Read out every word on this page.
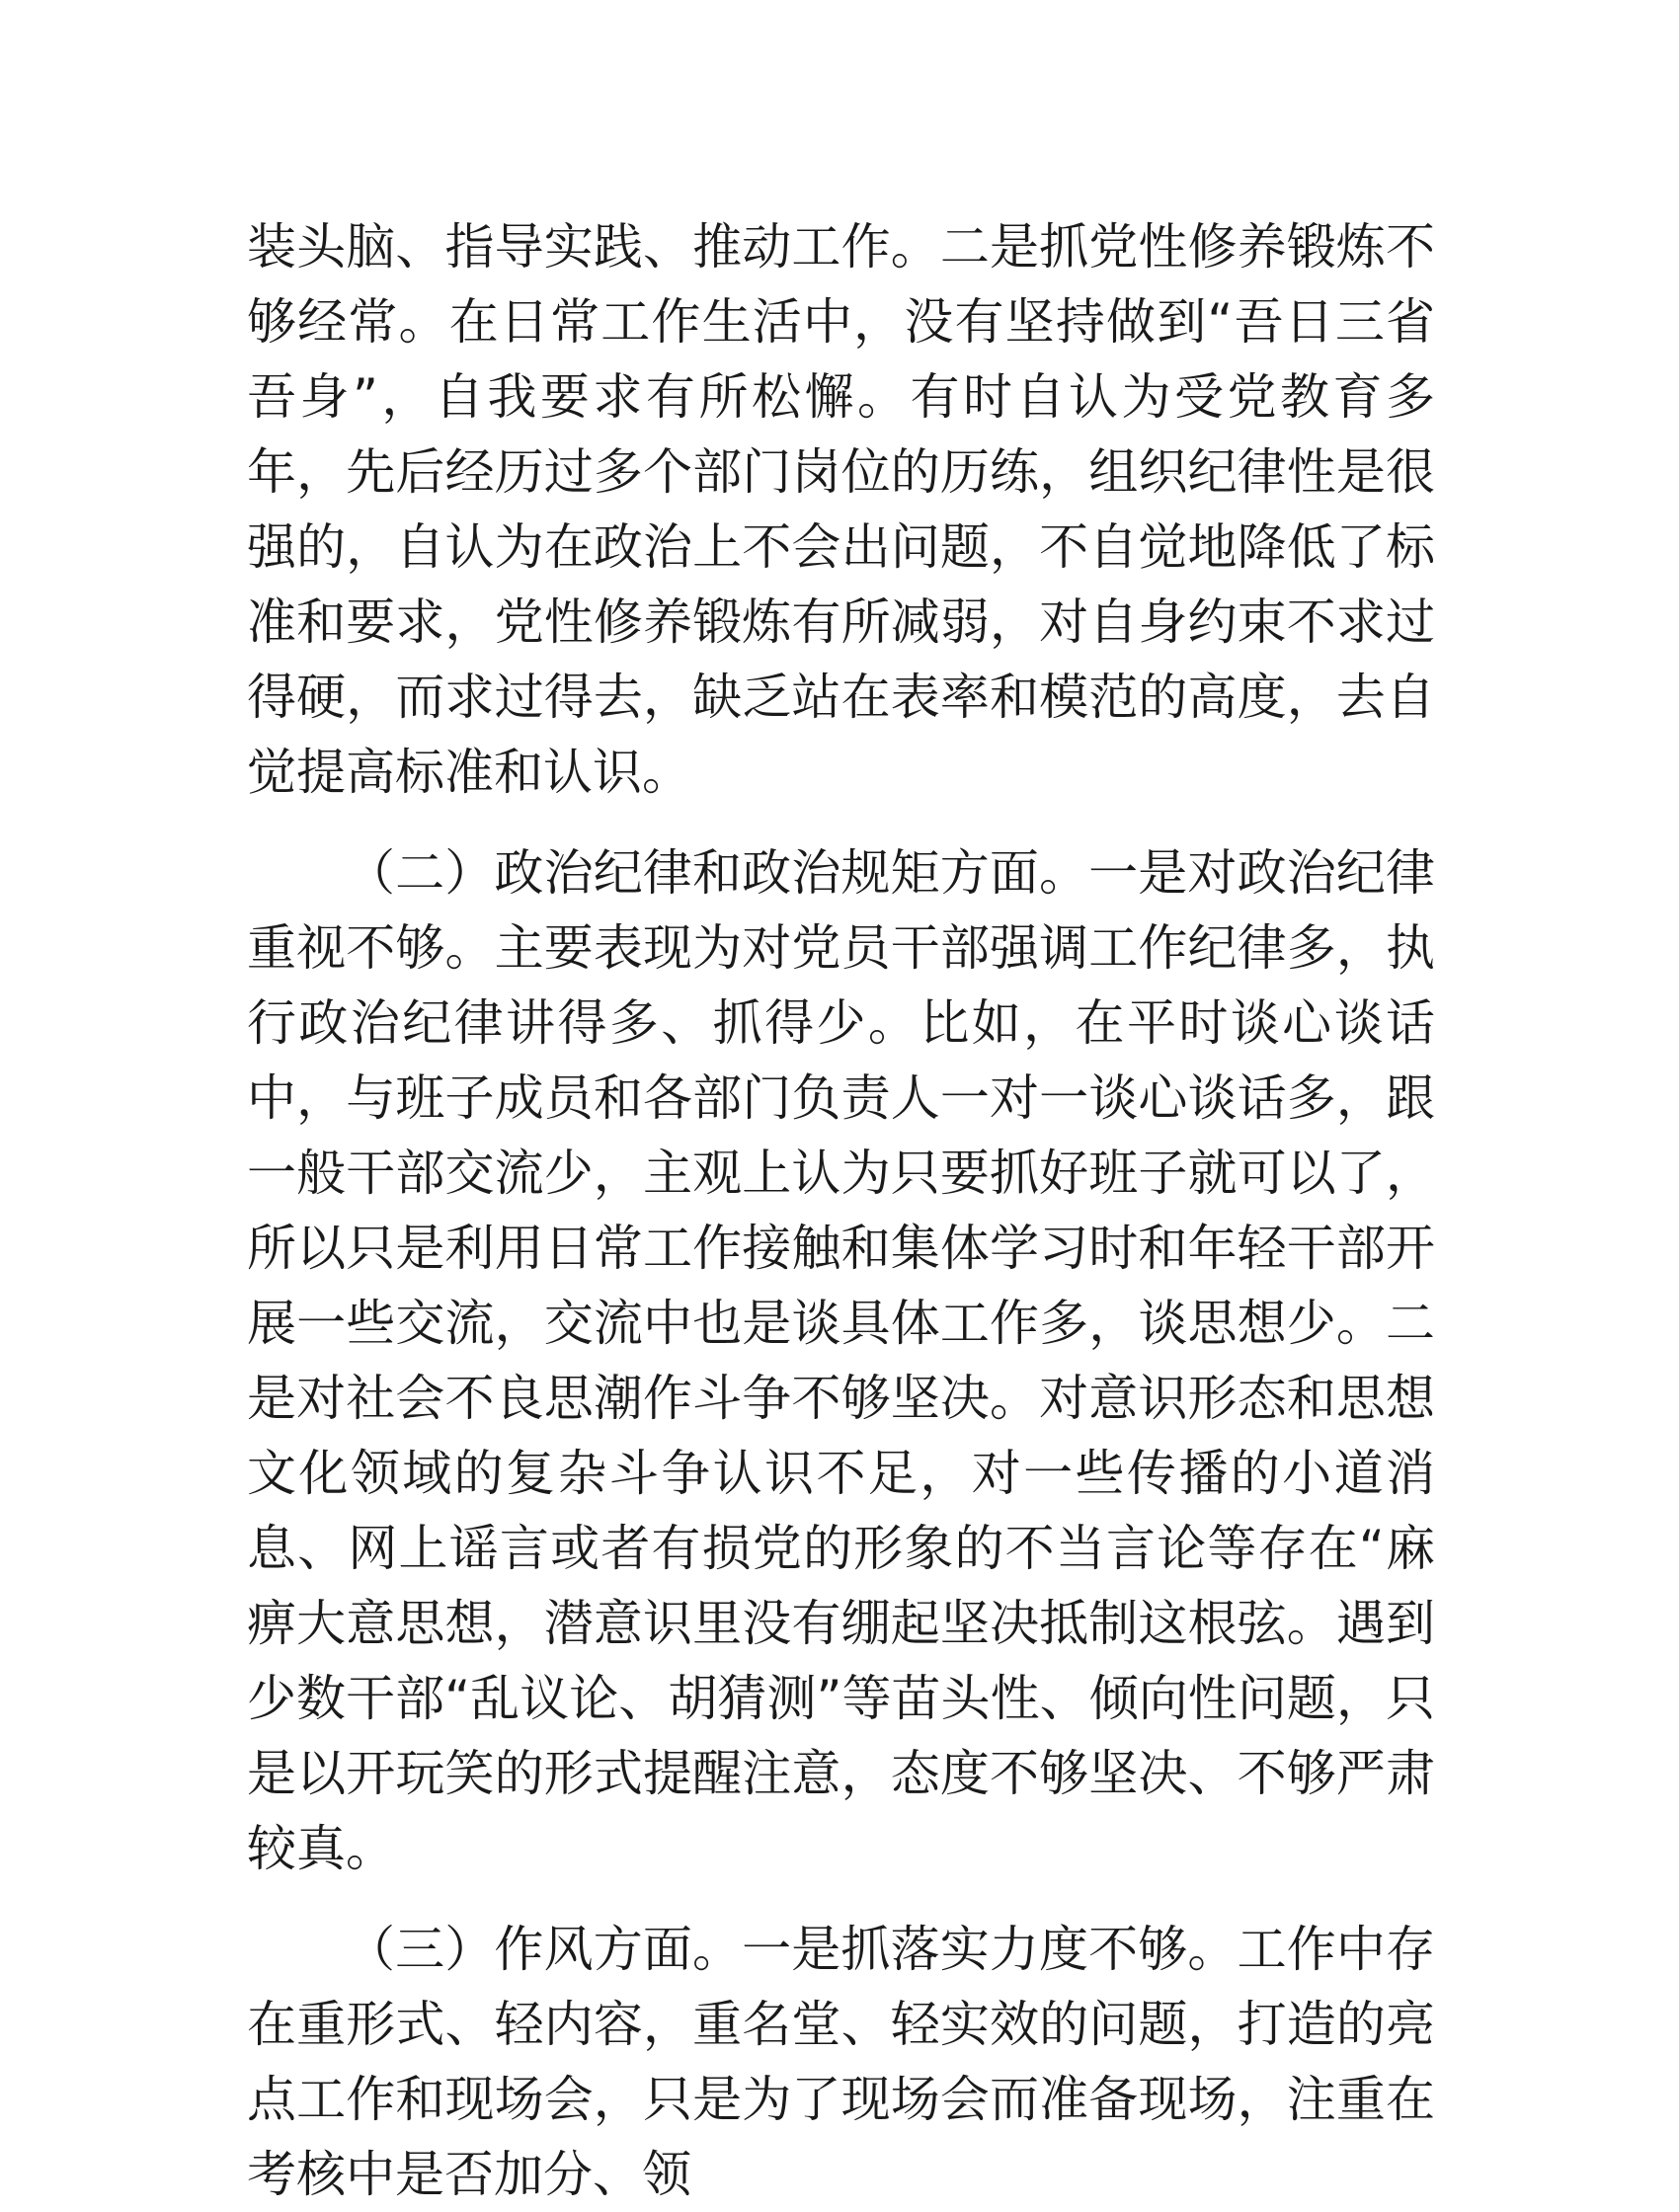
装头脑、指导实践、推动工作。二是抓党性修养锻炼不够经常。在日常工作生活中，没有坚持做到“吾日三省吾身”，自我要求有所松懈。有时自认为受党教育多年，先后经历过多个部门岗位的历练，组织纪律性是很强的，自认为在政治上不会出问题，不自觉地降低了标准和要求，党性修养锻炼有所减弱，对自身约束不求过得硬，而求过得去，缺乏站在表率和模范的高度，去自觉提高标准和认识。

（二）政治纪律和政治规矩方面。一是对政治纪律重视不够。主要表现为对党员干部强调工作纪律多，执行政治纪律讲得多、抓得少。比如，在平时谈心谈话中，与班子成员和各部门负责人一对一谈心谈话多，跟一般干部交流少，主观上认为只要抓好班子就可以了，所以只是利用日常工作接触和集体学习时和年轻干部开展一些交流，交流中也是谈具体工作多，谈思想少。二是对社会不良思潮作斗争不够坚决。对意识形态和思想文化领域的复杂斗争认识不足，对一些传播的小道消息、网上谣言或者有损党的形象的不当言论等存在“麻痹大意思想，潜意识里没有绷起坚决抵制这根弦。遇到少数干部“乱议论、胡猜测”等苗头性、倾向性问题，只是以开玩笑的形式提醒注意，态度不够坚决、不够严肃较真。

（三）作风方面。一是抓落实力度不够。工作中存在重形式、轻内容，重名堂、轻实效的问题，打造的亮点工作和现场会，只是为了现场会而准备现场，注重在考核中是否加分、领
